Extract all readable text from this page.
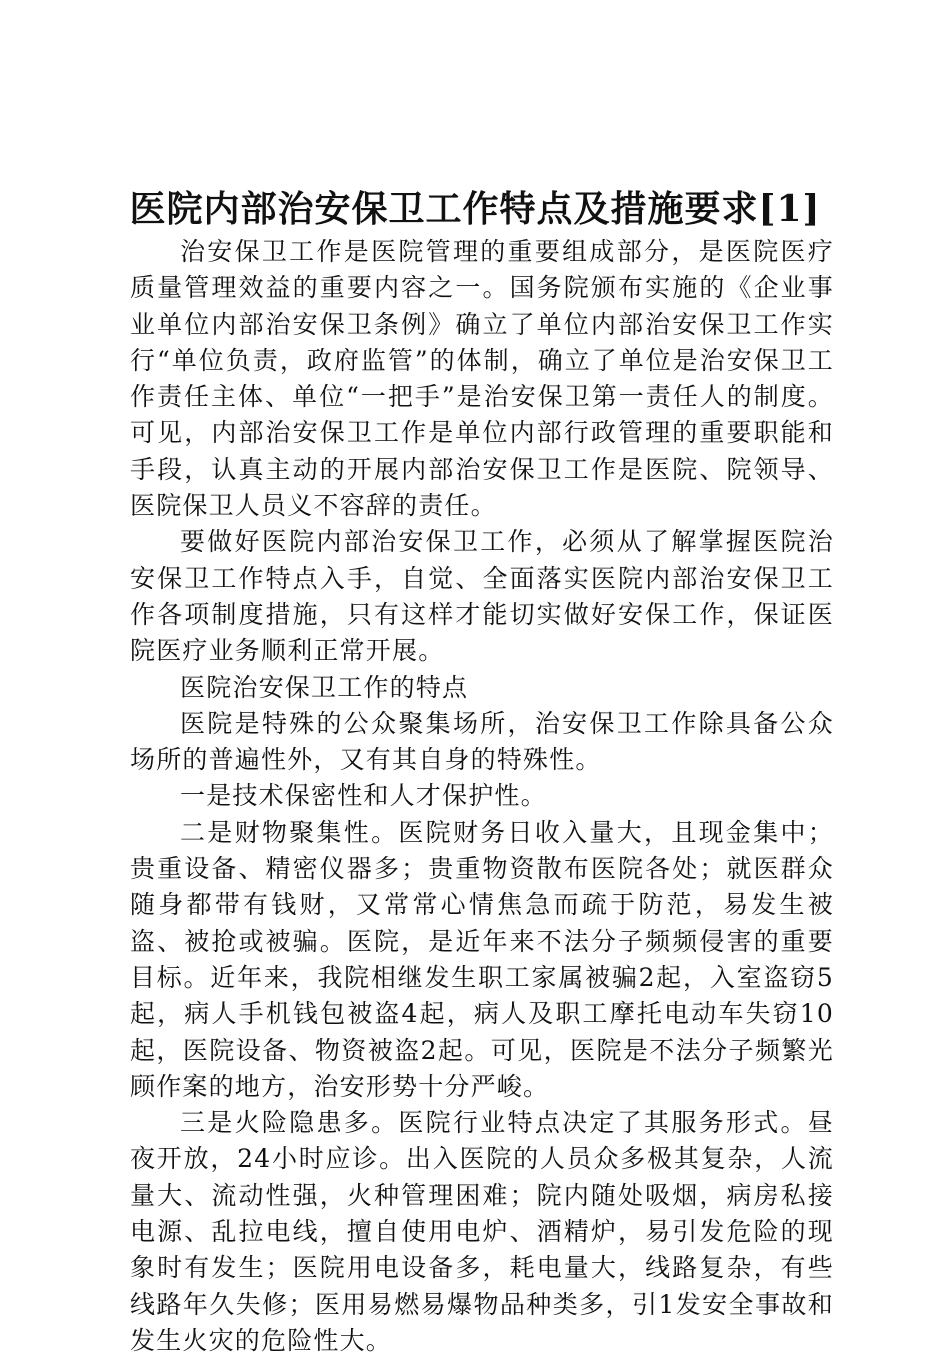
医院内部治安保卫工作特点及措施要求[1]

治安保卫工作是医院管理的重要组成部分，是医院医疗质量管理效益的重要内容之一。国务院颁布实施的《企业事业单位内部治安保卫条例》确立了单位内部治安保卫工作实行“单位负责，政府监管”的体制，确立了单位是治安保卫工作责任主体、单位“一把手”是治安保卫第一责任人的制度。可见，内部治安保卫工作是单位内部行政管理的重要职能和手段，认真主动的开展内部治安保卫工作是医院、院领导、医院保卫人员义不容辞的责任。

要做好医院内部治安保卫工作，必须从了解掌握医院治安保卫工作特点入手，自觉、全面落实医院内部治安保卫工作各项制度措施，只有这样才能切实做好安保工作，保证医院医疗业务顺利正常开展。

医院治安保卫工作的特点

医院是特殊的公众聚集场所，治安保卫工作除具备公众场所的普遍性外，又有其自身的特殊性。

一是技术保密性和人才保护性。

二是财物聚集性。医院财务日收入量大，且现金集中；贵重设备、精密仪器多；贵重物资散布医院各处；就医群众随身都带有钱财，又常常心情焦急而疏于防范，易发生被盗、被抢或被骗。医院，是近年来不法分子频频侵害的重要目标。近年来，我院相继发生职工家属被骗2起，入室盗窃5起，病人手机钱包被盗4起，病人及职工摩托电动车失窃10起，医院设备、物资被盗2起。可见，医院是不法分子频繁光顾作案的地方，治安形势十分严峻。

三是火险隐患多。医院行业特点决定了其服务形式。昼夜开放，24小时应诊。出入医院的人员众多极其复杂，人流量大、流动性强，火种管理困难；院内随处吸烟，病房私接电源、乱拉电线，擅自使用电炉、酒精炉，易引发危险的现象时有发生；医院用电设备多，耗电量大，线路复杂，有些线路年久失修；医用易燃易爆物品种类多，引1发安全事故和发生火灾的危险性大。
